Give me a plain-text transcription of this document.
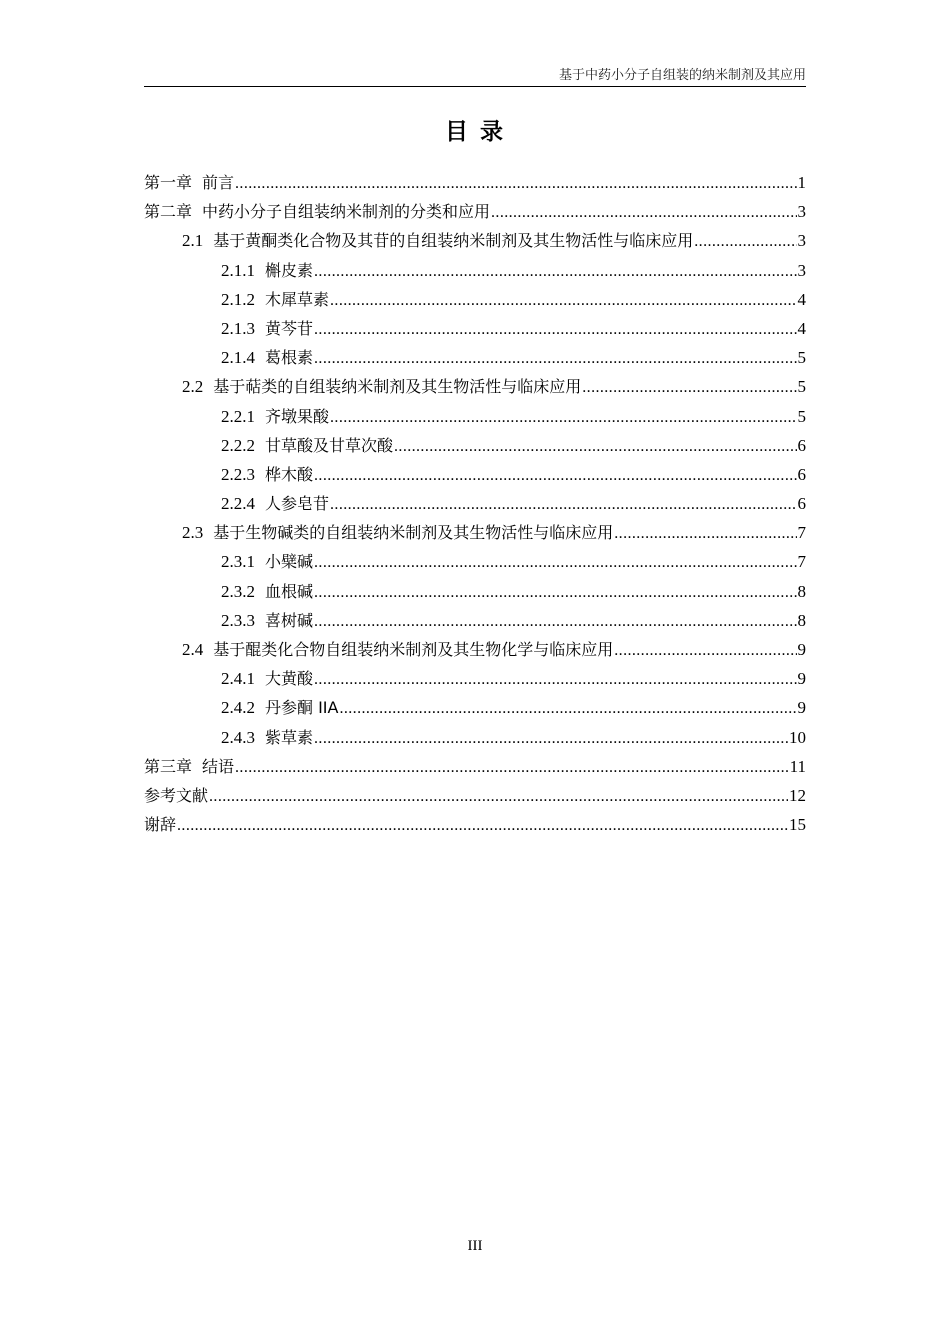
基于中药小分子自组装的纳米制剂及其应用
目 录
第一章 前言 .....	1
第二章 中药小分子自组装纳米制剂的分类和应用 .....	3
2.1 基于黄酮类化合物及其苷的自组装纳米制剂及其生物活性与临床应用 .....	3
2.1.1 槲皮素 .....	3
2.1.2 木犀草素 .....	4
2.1.3 黄芩苷 .....	4
2.1.4 葛根素 .....	5
2.2 基于萜类的自组装纳米制剂及其生物活性与临床应用 .....	5
2.2.1 齐墩果酸 .....	5
2.2.2 甘草酸及甘草次酸 .....	6
2.2.3 桦木酸 .....	6
2.2.4 人参皂苷 .....	6
2.3 基于生物碱类的自组装纳米制剂及其生物活性与临床应用 .....	7
2.3.1 小檗碱 .....	7
2.3.2 血根碱 .....	8
2.3.3 喜树碱 .....	8
2.4 基于醌类化合物自组装纳米制剂及其生物化学与临床应用 .....	9
2.4.1 大黄酸 .....	9
2.4.2 丹参酮 IIA .....	9
2.4.3 紫草素 .....	10
第三章 结语 .....	11
参考文献 .....	12
谢辞 .....	15
III
